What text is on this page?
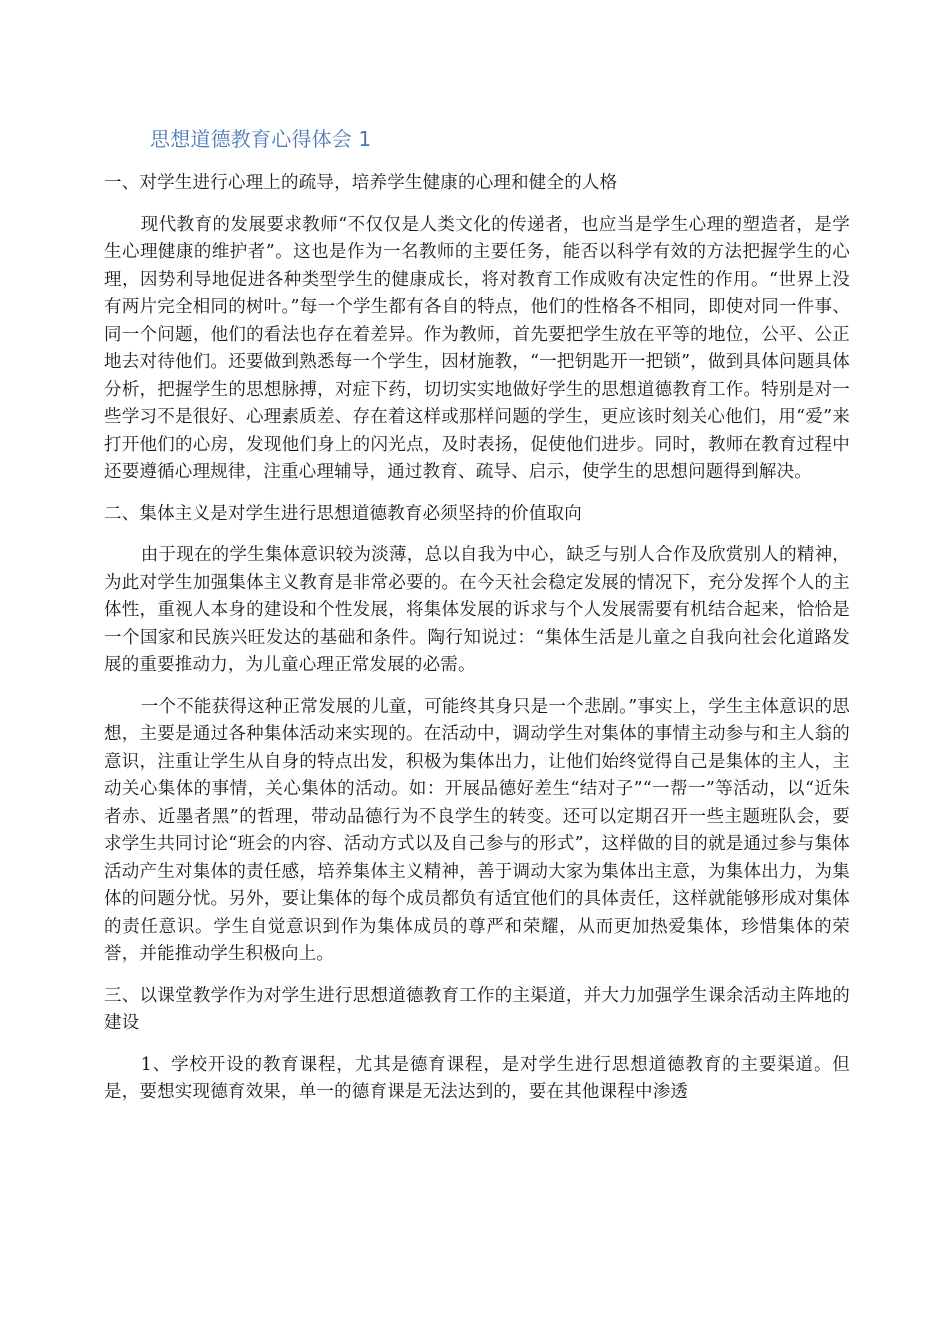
思想道德教育心得体会 1
一、对学生进行心理上的疏导，培养学生健康的心理和健全的人格
现代教育的发展要求教师“不仅仅是人类文化的传递者，也应当是学生心理的塑造者，是学生心理健康的维护者”。这也是作为一名教师的主要任务，能否以科学有效的方法把握学生的心理，因势利导地促进各种类型学生的健康成长，将对教育工作成败有决定性的作用。“世界上没有两片完全相同的树叶。”每一个学生都有各自的特点，他们的性格各不相同，即使对同一件事、同一个问题，他们的看法也存在着差异。作为教师，首先要把学生放在平等的地位，公平、公正地去对待他们。还要做到熟悉每一个学生，因材施教，“一把钥匙开一把锁”，做到具体问题具体分析，把握学生的思想脉搏，对症下药，切切实实地做好学生的思想道德教育工作。特别是对一些学习不是很好、心理素质差、存在着这样或那样问题的学生，更应该时刻关心他们，用“爱”来打开他们的心房，发现他们身上的闪光点，及时表扬，促使他们进步。同时，教师在教育过程中还要遵循心理规律，注重心理辅导，通过教育、疏导、启示，使学生的思想问题得到解决。
二、集体主义是对学生进行思想道德教育必须坚持的价值取向
由于现在的学生集体意识较为淡薄，总以自我为中心，缺乏与别人合作及欣赏别人的精神，为此对学生加强集体主义教育是非常必要的。在今天社会稳定发展的情况下，充分发挥个人的主体性，重视人本身的建设和个性发展，将集体发展的诉求与个人发展需要有机结合起来，恰恰是一个国家和民族兴旺发达的基础和条件。陶行知说过：“集体生活是儿童之自我向社会化道路发展的重要推动力，为儿童心理正常发展的必需。
一个不能获得这种正常发展的儿童，可能终其身只是一个悲剧。”事实上，学生主体意识的思想，主要是通过各种集体活动来实现的。在活动中，调动学生对集体的事情主动参与和主人翁的意识，注重让学生从自身的特点出发，积极为集体出力，让他们始终觉得自己是集体的主人，主动关心集体的事情，关心集体的活动。如：开展品德好差生“结对子”“一帮一”等活动，以“近朱者赤、近墨者黑”的哲理，带动品德行为不良学生的转变。还可以定期召开一些主题班队会，要求学生共同讨论“班会的内容、活动方式以及自己参与的形式”，这样做的目的就是通过参与集体活动产生对集体的责任感，培养集体主义精神，善于调动大家为集体出主意，为集体出力，为集体的问题分忧。另外，要让集体的每个成员都负有适宜他们的具体责任，这样就能够形成对集体的责任意识。学生自觉意识到作为集体成员的尊严和荣耀，从而更加热爱集体，珍惜集体的荣誉，并能推动学生积极向上。
三、以课堂教学作为对学生进行思想道德教育工作的主渠道，并大力加强学生课余活动主阵地的建设
1、学校开设的教育课程，尤其是德育课程，是对学生进行思想道德教育的主要渠道。但是，要想实现德育效果，单一的德育课是无法达到的，要在其他课程中渗透
